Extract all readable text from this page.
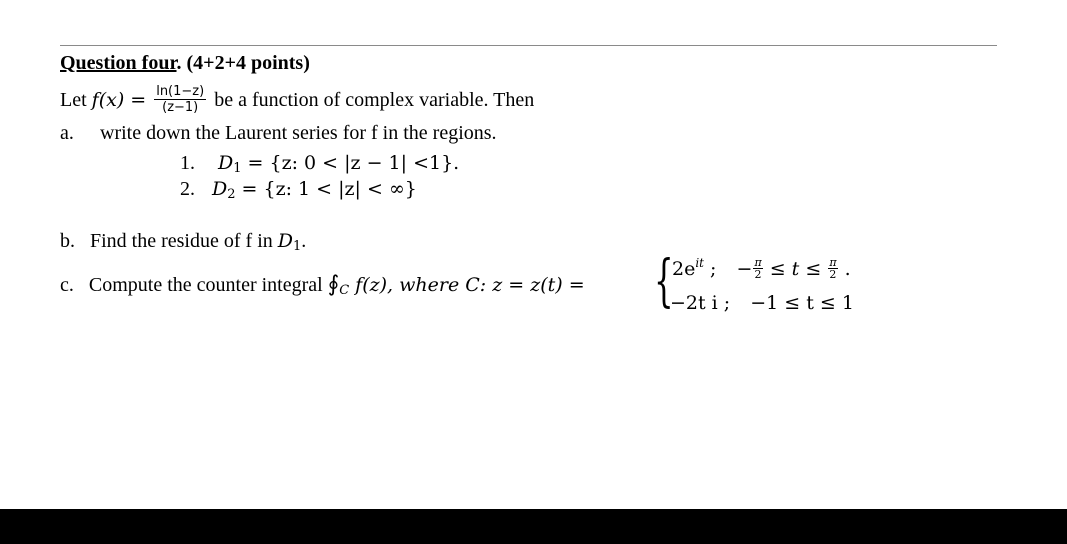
Question four. (4+2+4 points)
Let $f(x) = \frac{\ln(1-z)}{(z-1)}$ be a function of complex variable. Then
a. write down the Laurent series for f in the regions.
1. $D_1 = \{z$: 0 < |z − 1| <1}.
2. $D_2 = \{z$: 1 < |z| < ∞}
b. Find the residue of f in $D_1$.
c. Compute the counter integral $∮_C$ f(z), where C: z = z(t) = {
$2e^{it}$ ; − $\frac{\pi}{2} \le t \le \frac{\pi}{2}$ .
−2t i ; −1 ≤ t ≤ 1
